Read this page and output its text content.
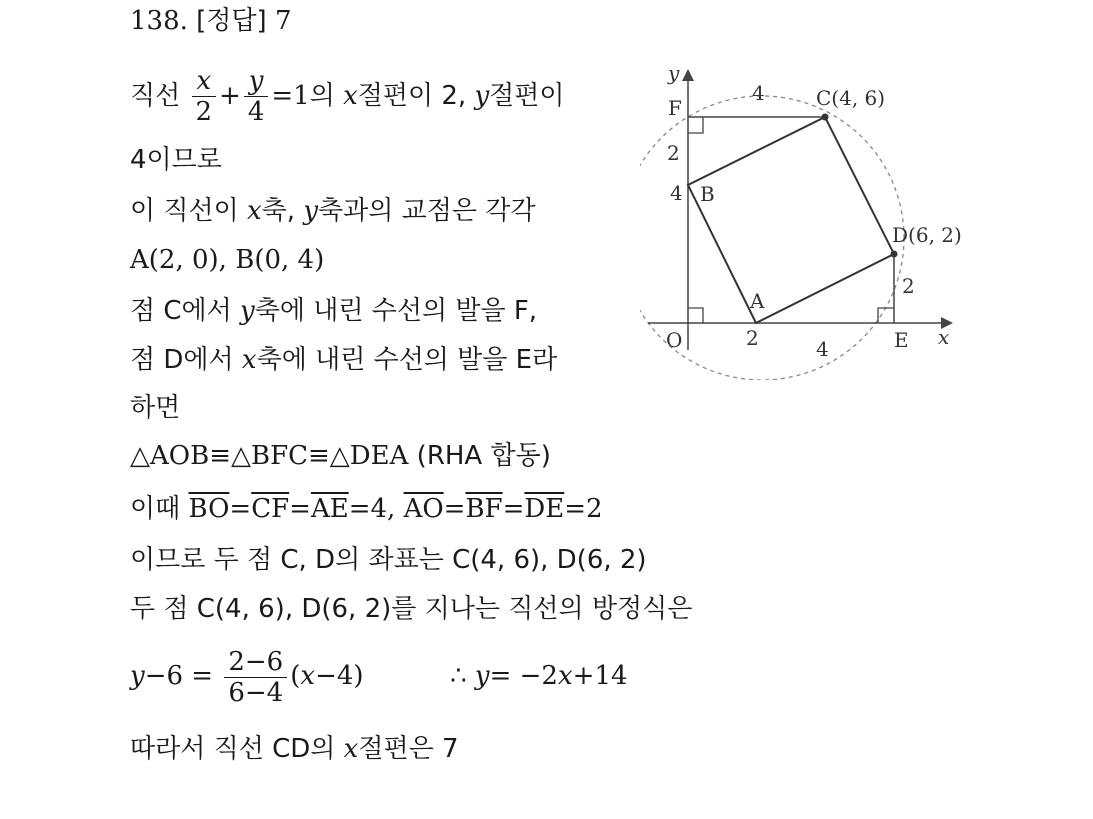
138. [정답] 7
직선 $\frac{x}{2} + \frac{y}{4} =1$의 x절편이 2, y절편이
4이므로
이 직선이 x축, y축과의 교점은 각각
A(2, 0), B(0, 4)
점 C에서 y축에 내린 수선의 발을 F,
점 D에서 x축에 내린 수선의 발을 E라
하면
△AOB≡△BFC≡△DEA (RHA 합동)
이때 $\overline{BO}=\overline{CF}=\overline{AE}=4$, $\overline{AO}=\overline{BF}=\overline{DE}=2$
이므로 두 점 C, D의 좌표는 C(4, 6), D(6, 2)
두 점 C(4, 6), D(6, 2)를 지나는 직선의 방정식은
$y-6 = \frac{2-6}{6-4} (x-4)$	∴ y= −2x+14
따라서 직선 CD의 x절편은 7
y
x
O
F	C(4, 6)
B
D(6, 2)
A
E
4
2
4
2
2	4
